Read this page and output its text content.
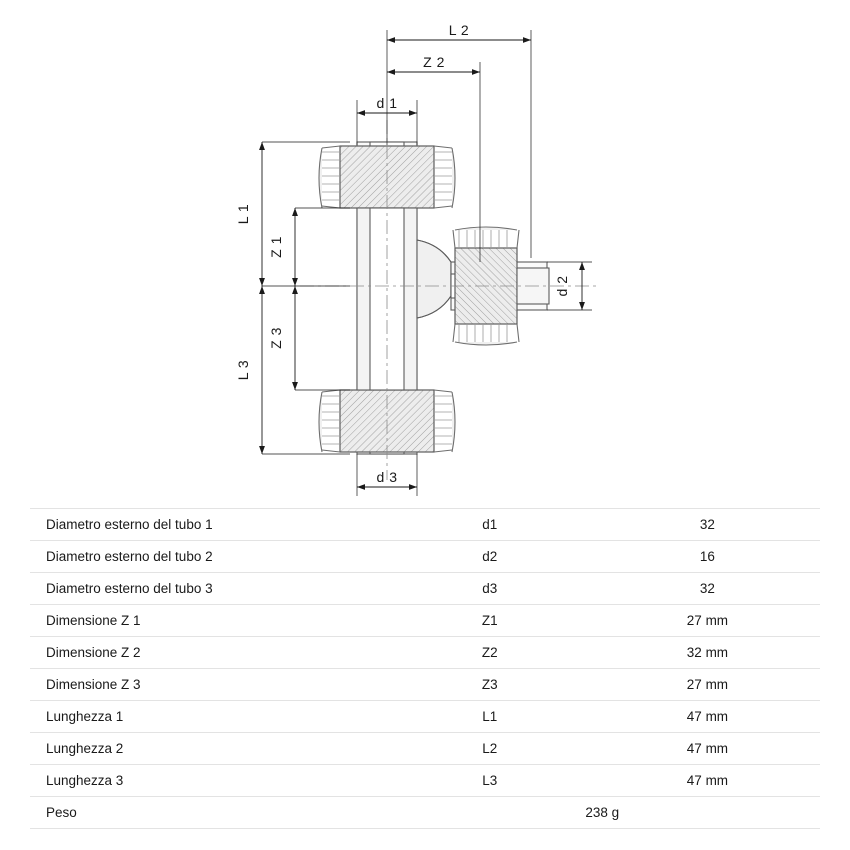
L 2
Z 2
d 1
d 3
L 1
L 3
Z 1
Z 3
d 2
Diametro esterno del tubo 1	d1	32
Diametro esterno del tubo 2	d2	16
Diametro esterno del tubo 3	d3	32
Dimensione Z 1	Z1	27 mm
Dimensione Z 2	Z2	32 mm
Dimensione Z 3	Z3	27 mm
Lunghezza 1	L1	47 mm
Lunghezza 2	L2	47 mm
Lunghezza 3	L3	47 mm
Peso	238 g	
